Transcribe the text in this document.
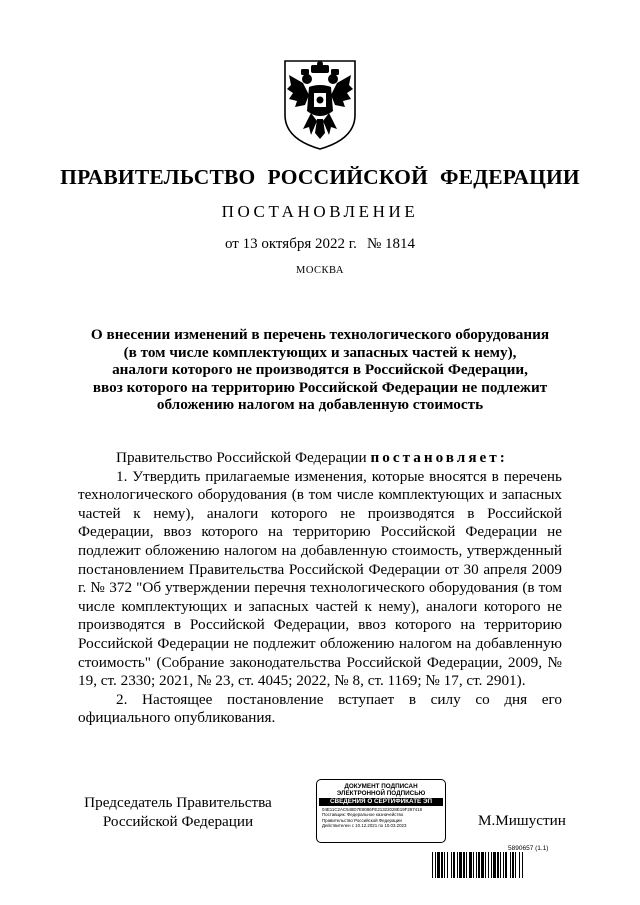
ПРАВИТЕЛЬСТВО РОССИЙСКОЙ ФЕДЕРАЦИИ
ПОСТАНОВЛЕНИЕ
от 13 октября 2022 г. № 1814
МОСКВА
О внесении изменений в перечень технологического оборудования
(в том числе комплектующих и запасных частей к нему),
аналоги которого не производятся в Российской Федерации,
ввоз которого на территорию Российской Федерации не подлежит
обложению налогом на добавленную стоимость
Правительство Российской Федерации постановляет:
1. Утвердить прилагаемые изменения, которые вносятся в перечень технологического оборудования (в том числе комплектующих и запасных частей к нему), аналоги которого не производятся в Российской Федерации, ввоз которого на территорию Российской Федерации не подлежит обложению налогом на добавленную стоимость, утвержденный постановлением Правительства Российской Федерации от 30 апреля 2009 г. № 372 "Об утверждении перечня технологического оборудования (в том числе комплектующих и запасных частей к нему), аналоги которого не производятся в Российской Федерации, ввоз которого на территорию Российской Федерации не подлежит обложению налогом на добавленную стоимость" (Собрание законодательства Российской Федерации, 2009, № 19, ст. 2330; 2021, № 23, ст. 4045; 2022, № 8, ст. 1169; № 17, ст. 2901).
2. Настоящее постановление вступает в силу со дня его официального опубликования.
Председатель Правительства
Российской Федерации
ДОКУМЕНТ ПОДПИСАН
ЭЛЕКТРОННОЙ ПОДПИСЬЮ
СВЕДЕНИЯ О СЕРТИФИКАТЕ ЭП
04E11C2AC548D7E8086FE21322028E19F297418
Поставщик: Федеральное казначейство
Правительство Российской Федерации
Действителен с 10.12.2021 по 10.03.2023	М.Мишустин
5890657 (1.1)
